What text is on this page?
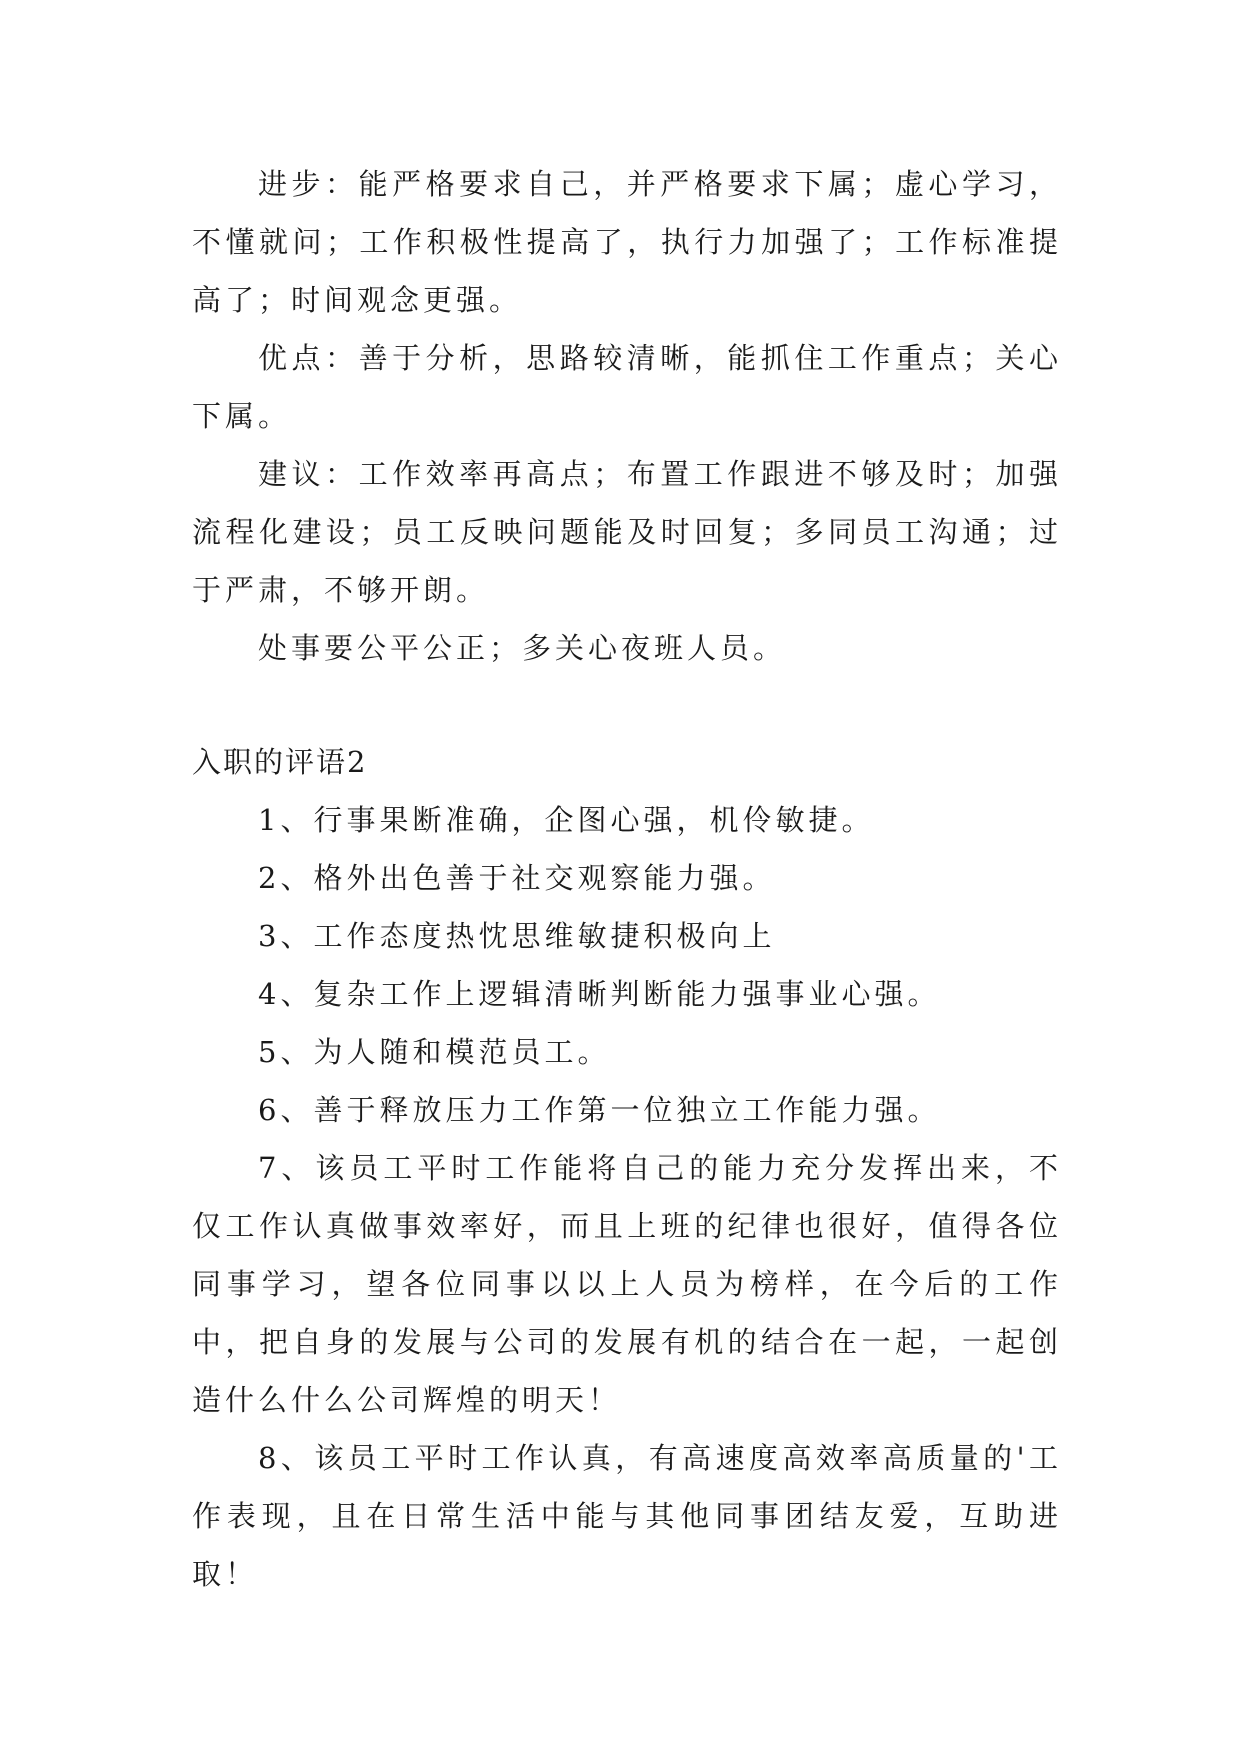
进步：能严格要求自己，并严格要求下属；虚心学习，不懂就问；工作积极性提高了，执行力加强了；工作标准提高了；时间观念更强。

优点：善于分析，思路较清晰，能抓住工作重点；关心下属。

建议：工作效率再高点；布置工作跟进不够及时；加强流程化建设；员工反映问题能及时回复；多同员工沟通；过于严肃，不够开朗。

处事要公平公正；多关心夜班人员。

入职的评语2

1、行事果断准确，企图心强，机伶敏捷。

2、格外出色善于社交观察能力强。

3、工作态度热忱思维敏捷积极向上

4、复杂工作上逻辑清晰判断能力强事业心强。

5、为人随和模范员工。

6、善于释放压力工作第一位独立工作能力强。

7、该员工平时工作能将自己的能力充分发挥出来，不仅工作认真做事效率好，而且上班的纪律也很好，值得各位同事学习，望各位同事以以上人员为榜样，在今后的工作中，把自身的发展与公司的发展有机的结合在一起，一起创造什么什么公司辉煌的明天！

8、该员工平时工作认真，有高速度高效率高质量的'工作表现，且在日常生活中能与其他同事团结友爱，互助进取！
